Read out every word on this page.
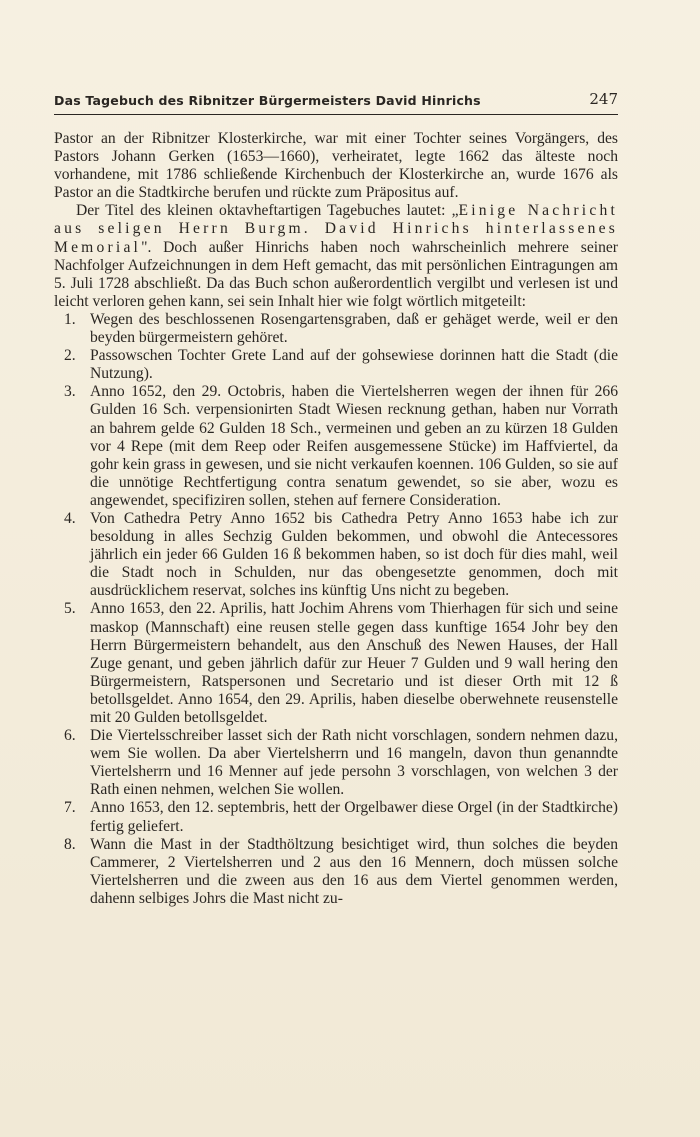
Das Tagebuch des Ribnitzer Bürgermeisters David Hinrichs	247

Pastor an der Ribnitzer Klosterkirche, war mit einer Tochter seines Vorgängers, des Pastors Johann Gerken (1653—1660), verheiratet, legte 1662 das älteste noch vorhandene, mit 1786 schließende Kirchenbuch der Klosterkirche an, wurde 1676 als Pastor an die Stadtkirche berufen und rückte zum Präpositus auf.

Der Titel des kleinen oktavheftartigen Tagebuches lautet: „Einige Nachricht aus seligen Herrn Burgm. David Hinrichs hinterlassenes Memorial". Doch außer Hinrichs haben noch wahrscheinlich mehrere seiner Nachfolger Aufzeichnungen in dem Heft gemacht, das mit persönlichen Eintragungen am 5. Juli 1728 abschließt. Da das Buch schon außerordentlich vergilbt und verlesen ist und leicht verloren gehen kann, sei sein Inhalt hier wie folgt wörtlich mitgeteilt:

1. Wegen des beschlossenen Rosengartensgraben, daß er gehäget werde, weil er den beyden bürgermeistern gehöret.
2. Passowschen Tochter Grete Land auf der gohsewiese dorinnen hatt die Stadt (die Nutzung).
3. Anno 1652, den 29. Octobris, haben die Viertelsherren wegen der ihnen für 266 Gulden 16 Sch. verpensionirten Stadt Wiesen recknung gethan, haben nur Vorrath an bahrem gelde 62 Gulden 18 Sch., vermeinen und geben an zu kürzen 18 Gulden vor 4 Repe (mit dem Reep oder Reifen ausgemessene Stücke) im Haffviertel, da gohr kein grass in gewesen, und sie nicht verkaufen koennen. 106 Gulden, so sie auf die unnötige Rechtfertigung contra senatum gewendet, so sie aber, wozu es angewendet, specifiziren sollen, stehen auf fernere Consideration.
4. Von Cathedra Petry Anno 1652 bis Cathedra Petry Anno 1653 habe ich zur besoldung in alles Sechzig Gulden bekommen, und obwohl die Antecessores jährlich ein jeder 66 Gulden 16 ß bekommen haben, so ist doch für dies mahl, weil die Stadt noch in Schulden, nur das obengesetzte genommen, doch mit ausdrücklichem reservat, solches ins künftig Uns nicht zu begeben.
5. Anno 1653, den 22. Aprilis, hatt Jochim Ahrens vom Thierhagen für sich und seine maskop (Mannschaft) eine reusen stelle gegen dass kunftige 1654 Johr bey den Herrn Bürgermeistern behandelt, aus den Anschuß des Newen Hauses, der Hall Zuge genant, und geben jährlich dafür zur Heuer 7 Gulden und 9 wall hering den Bürgermeistern, Ratspersonen und Secretario und ist dieser Orth mit 12 ß betollsgeldet. Anno 1654, den 29. Aprilis, haben dieselbe oberwehnete reusenstelle mit 20 Gulden betollsgeldet.
6. Die Viertelsschreiber lasset sich der Rath nicht vorschlagen, sondern nehmen dazu, wem Sie wollen. Da aber Viertelsherrn und 16 mangeln, davon thun genanndte Viertelsherrn und 16 Menner auf jede persohn 3 vorschlagen, von welchen 3 der Rath einen nehmen, welchen Sie wollen.
7. Anno 1653, den 12. septembris, hett der Orgelbawer diese Orgel (in der Stadtkirche) fertig geliefert.
8. Wann die Mast in der Stadthöltzung besichtiget wird, thun solches die beyden Cammerer, 2 Viertelsherren und 2 aus den 16 Mennern, doch müssen solche Viertelsherren und die zween aus den 16 aus dem Viertel genommen werden, dahenn selbiges Johrs die Mast nicht zu-
